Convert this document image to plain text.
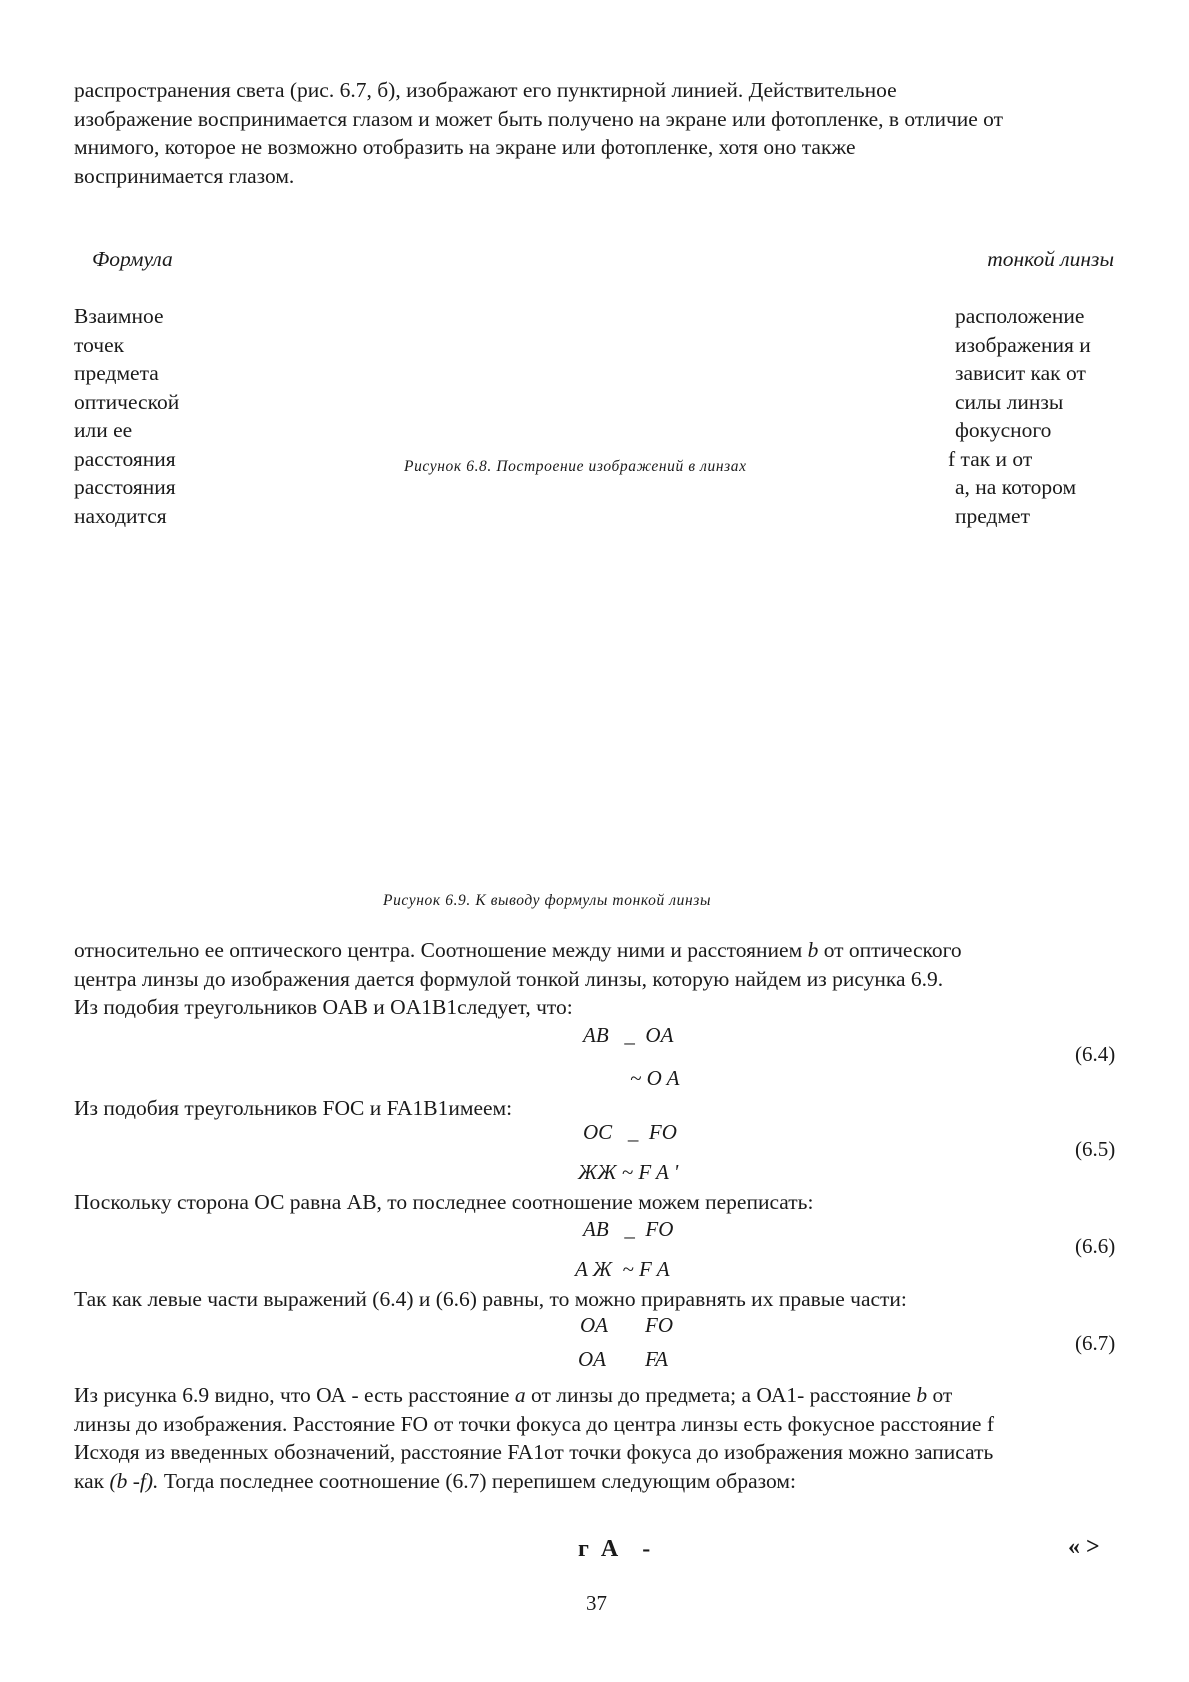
распространения света (рис. 6.7, б), изображают его пунктирной линией. Действительное
изображение воспринимается глазом и может быть получено на экране или фотопленке, в отличие от
мнимого, которое не возможно отобразить на экране или фотопленке, хотя оно также
воспринимается глазом.
Формула	тонкой линзы
Взаимное
точек
предмета
оптической
или ее
расстояния
расстояния
находится
расположение
изображения и
зависит как от
силы линзы
фокусного
f так и от
а, на котором
предмет
Рисунок 6.8. Построение изображений в линзах
Рисунок 6.9. К выводу формулы тонкой линзы
относительно ее оптического центра. Соотношение между ними и расстоянием b от оптического
центра линзы до изображения дается формулой тонкой линзы, которую найдем из рисунка 6.9.
Из подобия треугольников OAB и OA1B1следует, что:
AB   _  OA
~ O A
(6.4)
Из подобия треугольников FOC и FA1B1имеем:
OC   _  FO
ЖЖ ~ F A '
(6.5)
Поскольку сторона ОС равна АВ, то последнее соотношение можем переписать:
AB   _  FO
A Ж  ~ F A
(6.6)
Так как левые части выражений (6.4) и (6.6) равны, то можно приравнять их правые части:
OA FO
OA FA
(6.7)
Из рисунка 6.9 видно, что ОА - есть расстояние a от линзы до предмета; а ОА1- расстояние b от
линзы до изображения. Расстояние FO от точки фокуса до центра линзы есть фокусное расстояние f
Исходя из введенных обозначений, расстояние FA1от точки фокуса до изображения можно записать
как (b -f). Тогда последнее соотношение (6.7) перепишем следующим образом:
г  А    -	« >
37
